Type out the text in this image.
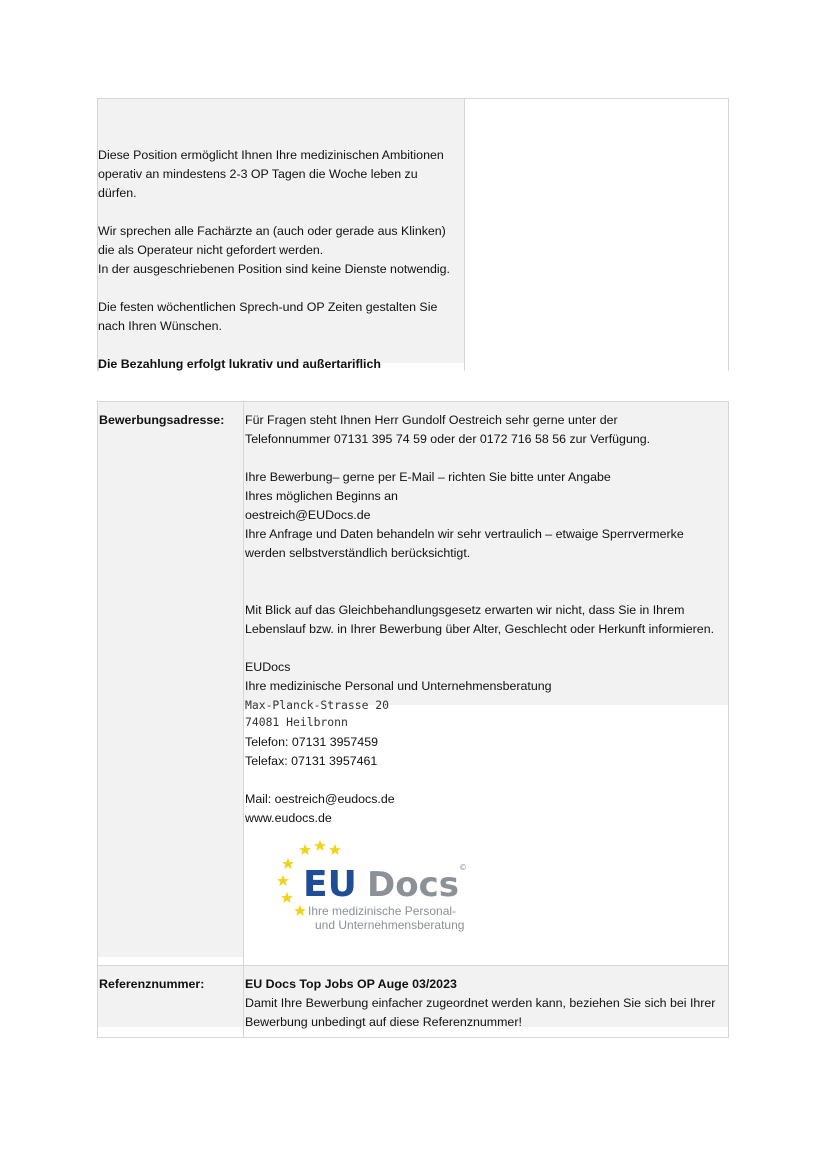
Diese Position ermöglicht Ihnen Ihre medizinischen Ambitionen

operativ an mindestens 2-3 OP Tagen die Woche leben zu

dürfen.

Wir sprechen alle Fachärzte an (auch oder gerade aus Klinken)

die als Operateur nicht gefordert werden.

In der ausgeschriebenen Position sind keine Dienste notwendig.

Die festen wöchentlichen Sprech-und OP Zeiten gestalten Sie

nach Ihren Wünschen.

Die Bezahlung erfolgt lukrativ und außertariflich

Bewerbungsadresse: Für Fragen steht Ihnen Herr Gundolf Oestreich sehr gerne unter der

Telefonnummer 07131 395 74 59 oder der 0172 716 58 56 zur Verfügung.

Ihre Bewerbung– gerne per E-Mail – richten Sie bitte unter Angabe

Ihres möglichen Beginns an

oestreich@EUDocs.de

Ihre Anfrage und Daten behandeln wir sehr vertraulich – etwaige Sperrvermerke

werden selbstverständlich berücksichtigt.

Mit Blick auf das Gleichbehandlungsgesetz erwarten wir nicht, dass Sie in Ihrem

Lebenslauf bzw. in Ihrer Bewerbung über Alter, Geschlecht oder Herkunft informieren.

EUDocs

Ihre medizinische Personal und Unternehmensberatung

Max-Planck-Strasse 20

74081 Heilbronn

Telefon: 07131 3957459

Telefax: 07131 3957461

Mail: oestreich@eudocs.de

www.eudocs.de

EU Docs ©
Ihre medizinische Personal-
und Unternehmensberatung
Referenznummer:	EU Docs Top Jobs OP Auge 03/2023

Damit Ihre Bewerbung einfacher zugeordnet werden kann, beziehen Sie sich bei Ihrer

Bewerbung unbedingt auf diese Referenznummer!
